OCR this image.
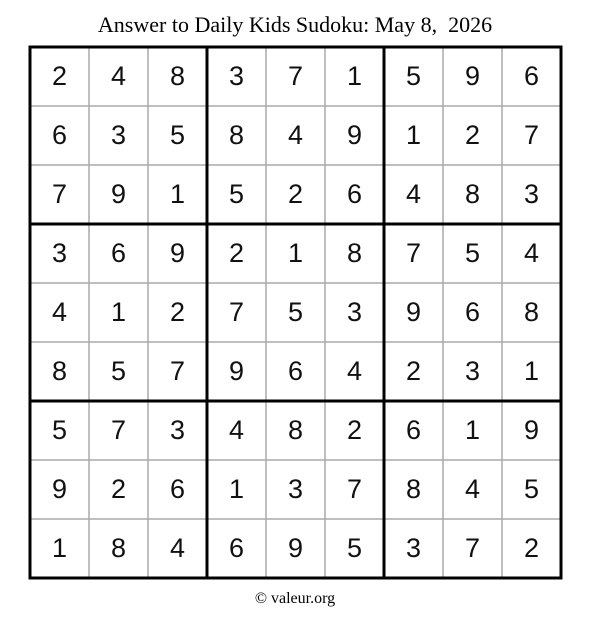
Answer to Daily Kids Sudoku: May 8,  2026
2	4	8	3	7	1	5	9	6
6	3	5	8	4	9	1	2	7
7	9	1	5	2	6	4	8	3
3	6	9	2	1	8	7	5	4
4	1	2	7	5	3	9	6	8
8	5	7	9	6	4	2	3	1
5	7	3	4	8	2	6	1	9
9	2	6	1	3	7	8	4	5
1	8	4	6	9	5	3	7	2
© valeur.org
